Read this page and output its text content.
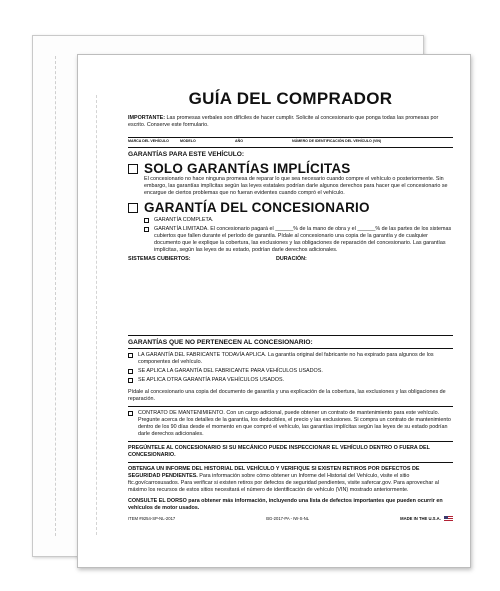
GUÍA DEL COMPRADOR

IMPORTANTE: Las promesas verbales son difíciles de hacer cumplir. Solicite al concesionario que ponga todas las promesas por escrito. Conserve este formulario.

MARCA DEL VEHÍCULO	MODELO	AÑO	NÚMERO DE IDENTIFICACIÓN DEL VEHÍCULO (VIN)
GARANTÍAS PARA ESTE VEHÍCULO:
SOLO GARANTÍAS IMPLÍCITAS

El concesionario no hace ninguna promesa de reparar lo que sea necesario cuando compre el vehículo o posteriormente. Sin embargo, las garantías implícitas según las leyes estatales podrían darle algunos derechos para hacer que el concesionario se encargue de ciertos problemas que no fueran evidentes cuando compró el vehículo.

GARANTÍA DEL CONCESIONARIO

GARANTÍA COMPLETA.

GARANTÍA LIMITADA. El concesionario pagará el ______% de la mano de obra y el ______% de las partes de los sistemas cubiertos que fallen durante el período de garantía. Pídale al concesionario una copia de la garantía y de cualquier documento que le explique la cobertura, las exclusiones y las obligaciones de reparación del concesionario. Las garantías implícitas, según las leyes de su estado, podrían darle derechos adicionales.

SISTEMAS CUBIERTOS:	DURACIÓN:
GARANTÍAS QUE NO PERTENECEN AL CONCESIONARIO:

LA GARANTÍA DEL FABRICANTE TODAVÍA APLICA. La garantía original del fabricante no ha expirado para algunos de los componentes del vehículo.

SE APLICA LA GARANTÍA DEL FABRICANTE PARA VEHÍCULOS USADOS.

SE APLICA OTRA GARANTÍA PARA VEHÍCULOS USADOS.

Pídale al concesionario una copia del documento de garantía y una explicación de la cobertura, las exclusiones y las obligaciones de reparación.

CONTRATO DE MANTENIMIENTO. Con un cargo adicional, puede obtener un contrato de mantenimiento para este vehículo. Pregunte acerca de los detalles de la garantía, los deducibles, el precio y las exclusiones. Si compra un contrato de mantenimiento dentro de los 90 días desde el momento en que compró el vehículo, las garantías implícitas según las leyes de su estado podrían darle derechos adicionales.

PREGÚNTELE AL CONCESIONARIO SI SU MECÁNICO PUEDE INSPECCIONAR EL VEHÍCULO DENTRO O FUERA DEL CONCESIONARIO.

OBTENGA UN INFORME DEL HISTORIAL DEL VEHÍCULO Y VERIFIQUE SI EXISTEN RETIROS POR DEFECTOS DE SEGURIDAD PENDIENTES. Para información sobre cómo obtener un Informe del Historial del Vehículo, visite el sitio ftc.gov/carrosusados. Para verificar si existen retiros por defectos de seguridad pendientes, visite safercar.gov. Para aprovechar al máximo los recursos de estos sitios necesitará el número de identificación de vehículo (VIN) mostrado anteriormente.

CONSULTE EL DORSO para obtener más información, incluyendo una lista de defectos importantes que pueden ocurrir en vehículos de motor usados.

ITEM #9254-SP-NL-2017	BG-2017-PA - IW-S-NL	MADE IN THE U.S.A.
